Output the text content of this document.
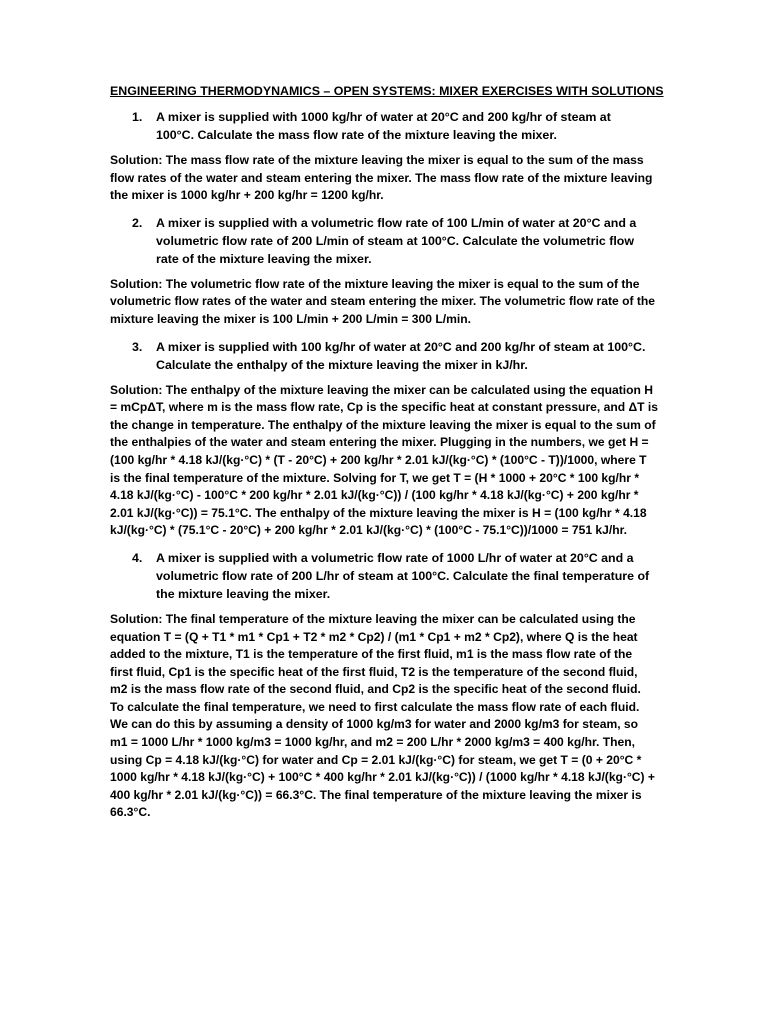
ENGINEERING THERMODYNAMICS – OPEN SYSTEMS: MIXER EXERCISES WITH SOLUTIONS
1.	A mixer is supplied with 1000 kg/hr of water at 20°C and 200 kg/hr of steam at 100°C. Calculate the mass flow rate of the mixture leaving the mixer.

Solution: The mass flow rate of the mixture leaving the mixer is equal to the sum of the mass flow rates of the water and steam entering the mixer. The mass flow rate of the mixture leaving the mixer is 1000 kg/hr + 200 kg/hr = 1200 kg/hr.

2.	A mixer is supplied with a volumetric flow rate of 100 L/min of water at 20°C and a volumetric flow rate of 200 L/min of steam at 100°C. Calculate the volumetric flow rate of the mixture leaving the mixer.

Solution: The volumetric flow rate of the mixture leaving the mixer is equal to the sum of the volumetric flow rates of the water and steam entering the mixer. The volumetric flow rate of the mixture leaving the mixer is 100 L/min + 200 L/min = 300 L/min.

3.	A mixer is supplied with 100 kg/hr of water at 20°C and 200 kg/hr of steam at 100°C. Calculate the enthalpy of the mixture leaving the mixer in kJ/hr.

Solution: The enthalpy of the mixture leaving the mixer can be calculated using the equation H = mCpΔT, where m is the mass flow rate, Cp is the specific heat at constant pressure, and ΔT is the change in temperature. The enthalpy of the mixture leaving the mixer is equal to the sum of the enthalpies of the water and steam entering the mixer. Plugging in the numbers, we get H = (100 kg/hr * 4.18 kJ/(kg·°C) * (T - 20°C) + 200 kg/hr * 2.01 kJ/(kg·°C) * (100°C - T))/1000, where T is the final temperature of the mixture. Solving for T, we get T = (H * 1000 + 20°C * 100 kg/hr * 4.18 kJ/(kg·°C) - 100°C * 200 kg/hr * 2.01 kJ/(kg·°C)) / (100 kg/hr * 4.18 kJ/(kg·°C) + 200 kg/hr * 2.01 kJ/(kg·°C)) = 75.1°C. The enthalpy of the mixture leaving the mixer is H = (100 kg/hr * 4.18 kJ/(kg·°C) * (75.1°C - 20°C) + 200 kg/hr * 2.01 kJ/(kg·°C) * (100°C - 75.1°C))/1000 = 751 kJ/hr.

4.	A mixer is supplied with a volumetric flow rate of 1000 L/hr of water at 20°C and a volumetric flow rate of 200 L/hr of steam at 100°C. Calculate the final temperature of the mixture leaving the mixer.

Solution: The final temperature of the mixture leaving the mixer can be calculated using the equation T = (Q + T1 * m1 * Cp1 + T2 * m2 * Cp2) / (m1 * Cp1 + m2 * Cp2), where Q is the heat added to the mixture, T1 is the temperature of the first fluid, m1 is the mass flow rate of the first fluid, Cp1 is the specific heat of the first fluid, T2 is the temperature of the second fluid, m2 is the mass flow rate of the second fluid, and Cp2 is the specific heat of the second fluid. To calculate the final temperature, we need to first calculate the mass flow rate of each fluid. We can do this by assuming a density of 1000 kg/m3 for water and 2000 kg/m3 for steam, so m1 = 1000 L/hr * 1000 kg/m3 = 1000 kg/hr, and m2 = 200 L/hr * 2000 kg/m3 = 400 kg/hr. Then, using Cp = 4.18 kJ/(kg·°C) for water and Cp = 2.01 kJ/(kg·°C) for steam, we get T = (0 + 20°C * 1000 kg/hr * 4.18 kJ/(kg·°C) + 100°C * 400 kg/hr * 2.01 kJ/(kg·°C)) / (1000 kg/hr * 4.18 kJ/(kg·°C) + 400 kg/hr * 2.01 kJ/(kg·°C)) = 66.3°C. The final temperature of the mixture leaving the mixer is 66.3°C.
